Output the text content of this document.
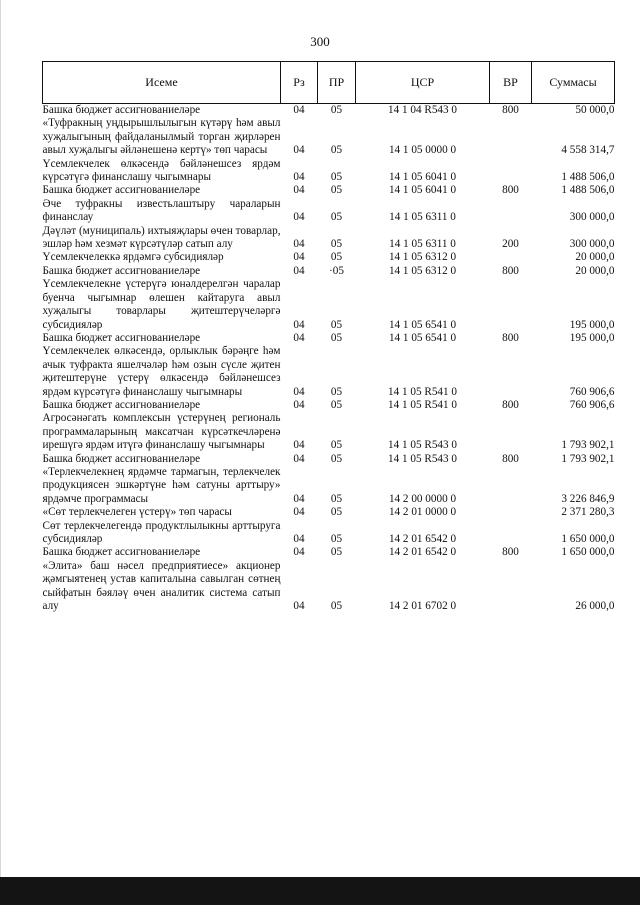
300
Исеме	Рз	ПР	ЦСР	ВР	Суммасы
Башка бюджет ассигнованиеләре	04	05	14 1 04 R543 0	800	50 000,0
«Туфракның уңдырышлылыгын күтәрү һәм авыл хуҗалыгының файдаланылмый торган җирләрен авыл хуҗалыгы әйләнешенә кертү» төп чарасы	04	05	14 1 05 0000 0		4 558 314,7
Үсемлекчелек өлкәсендә бәйләнешсез ярдәм күрсәтүгә финанслашу чыгымнары	04	05	14 1 05 6041 0		1 488 506,0
Башка бюджет ассигнованиеләре	04	05	14 1 05 6041 0	800	1 488 506,0
Әче туфракны известьлаштыру чараларын финанслау	04	05	14 1 05 6311 0		300 000,0
Дәүләт (муниципаль) ихтыяҗлары өчен товарлар, эшләр һәм хезмәт күрсәтүләр сатып алу	04	05	14 1 05 6311 0	200	300 000,0
Үсемлекчелеккә ярдәмгә субсидияләр	04	05	14 1 05 6312 0		20 000,0
Башка бюджет ассигнованиеләре	04	·05	14 1 05 6312 0	800	20 000,0
Үсемлекчелекне үстерүгә юнәлдерелгән чаралар буенча чыгымнар өлешен кайтаруга авыл хуҗалыгы товарлары җитештерүчеләргә субсидияләр	04	05	14 1 05 6541 0		195 000,0
Башка бюджет ассигнованиеләре	04	05	14 1 05 6541 0	800	195 000,0
Үсемлекчелек өлкәсендә, орлыклык бәрәңге һәм ачык туфракта яшелчәләр һәм озын сүсле җитен җитештерүне үстерү өлкәсендә бәйләнешсез ярдәм күрсәтүгә финанслашу чыгымнары	04	05	14 1 05 R541 0		760 906,6
Башка бюджет ассигнованиеләре	04	05	14 1 05 R541 0	800	760 906,6
Агросәнәгать комплексын үстерүнең региональ программаларының максатчан күрсәткечләренә ирешүгә ярдәм итүгә финанслашу чыгымнары	04	05	14 1 05 R543 0		1 793 902,1
Башка бюджет ассигнованиеләре	04	05	14 1 05 R543 0	800	1 793 902,1
«Терлекчелекнең ярдәмче тармагын, терлекчелек продукциясен эшкәртүне һәм сатуны арттыру» ярдәмче программасы	04	05	14 2 00 0000 0		3 226 846,9
«Сөт терлекчелеген үстерү» төп чарасы	04	05	14 2 01 0000 0		2 371 280,3
Сөт терлекчелегендә продуктлылыкны арттыруга субсидияләр	04	05	14 2 01 6542 0		1 650 000,0
Башка бюджет ассигнованиеләре	04	05	14 2 01 6542 0	800	1 650 000,0
«Элита» баш нәсел предприятиесе» акционер җәмгыятенең устав капиталына савылган сөтнең сыйфатын бәяләү өчен аналитик система сатып алу	04	05	14 2 01 6702 0		26 000,0
